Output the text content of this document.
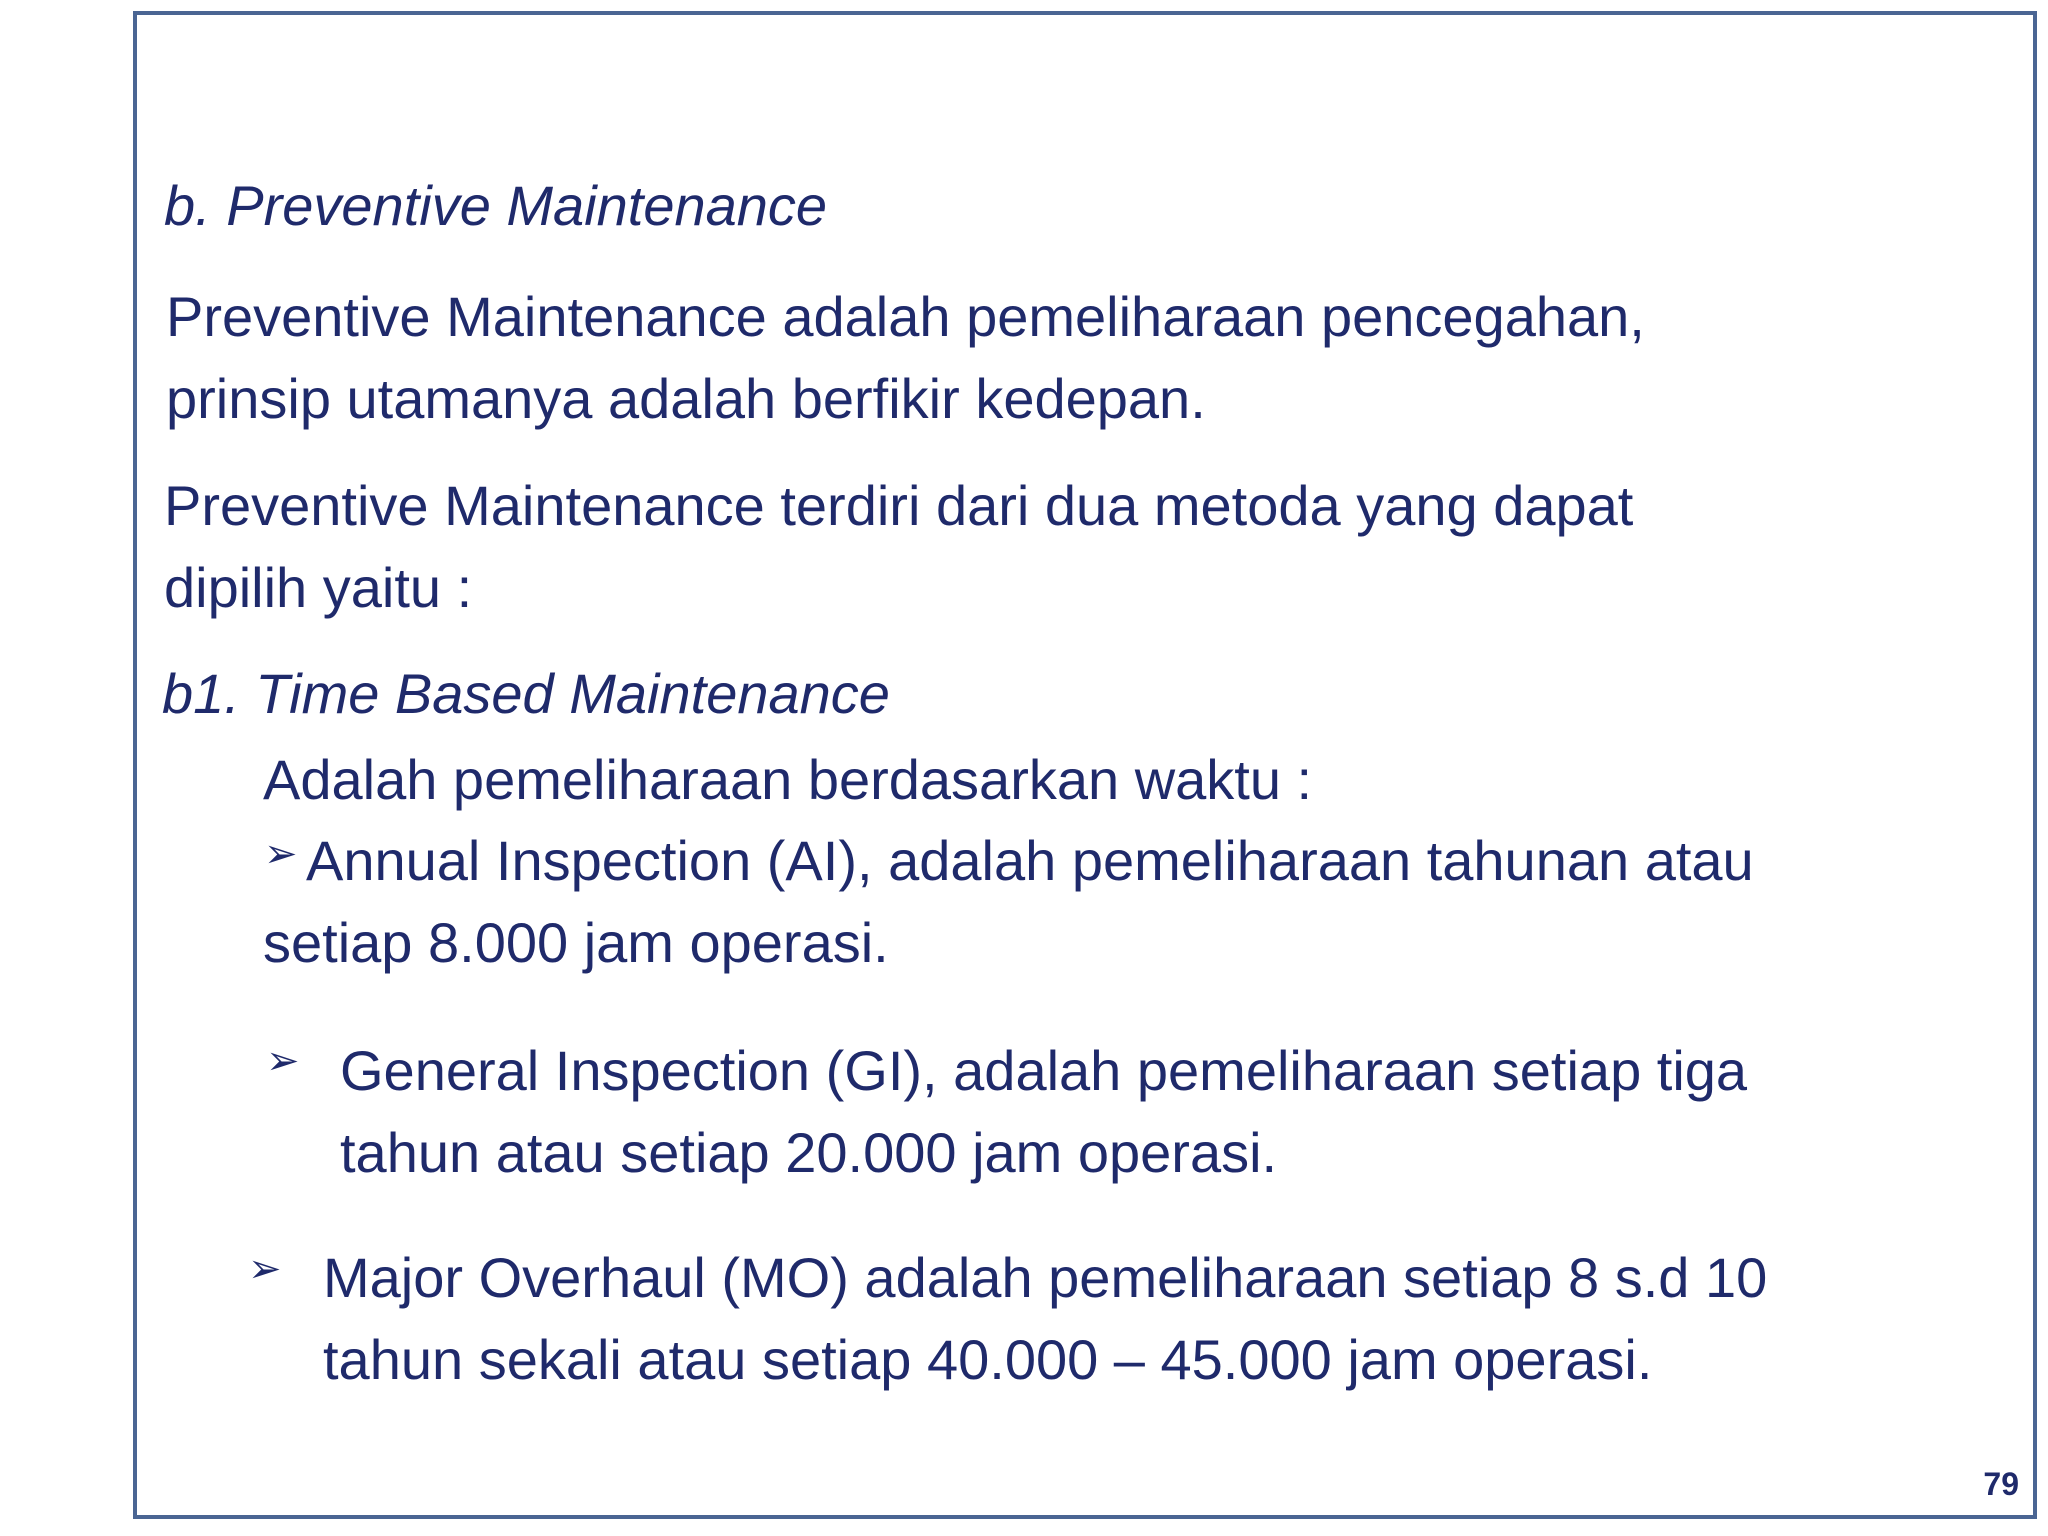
79
b. Preventive Maintenance
Preventive Maintenance adalah pemeliharaan pencegahan,
prinsip utamanya adalah berfikir kedepan.
Preventive Maintenance terdiri dari dua metoda yang dapat
dipilih yaitu :
b1. Time Based Maintenance
Adalah pemeliharaan berdasarkan waktu :
➢ Annual Inspection (AI), adalah pemeliharaan tahunan atau
setiap 8.000 jam operasi.
➢ General Inspection (GI), adalah pemeliharaan setiap tiga
tahun atau setiap 20.000 jam operasi.
➢ Major Overhaul (MO) adalah pemeliharaan setiap 8 s.d 10
tahun sekali atau setiap 40.000 – 45.000 jam operasi.
